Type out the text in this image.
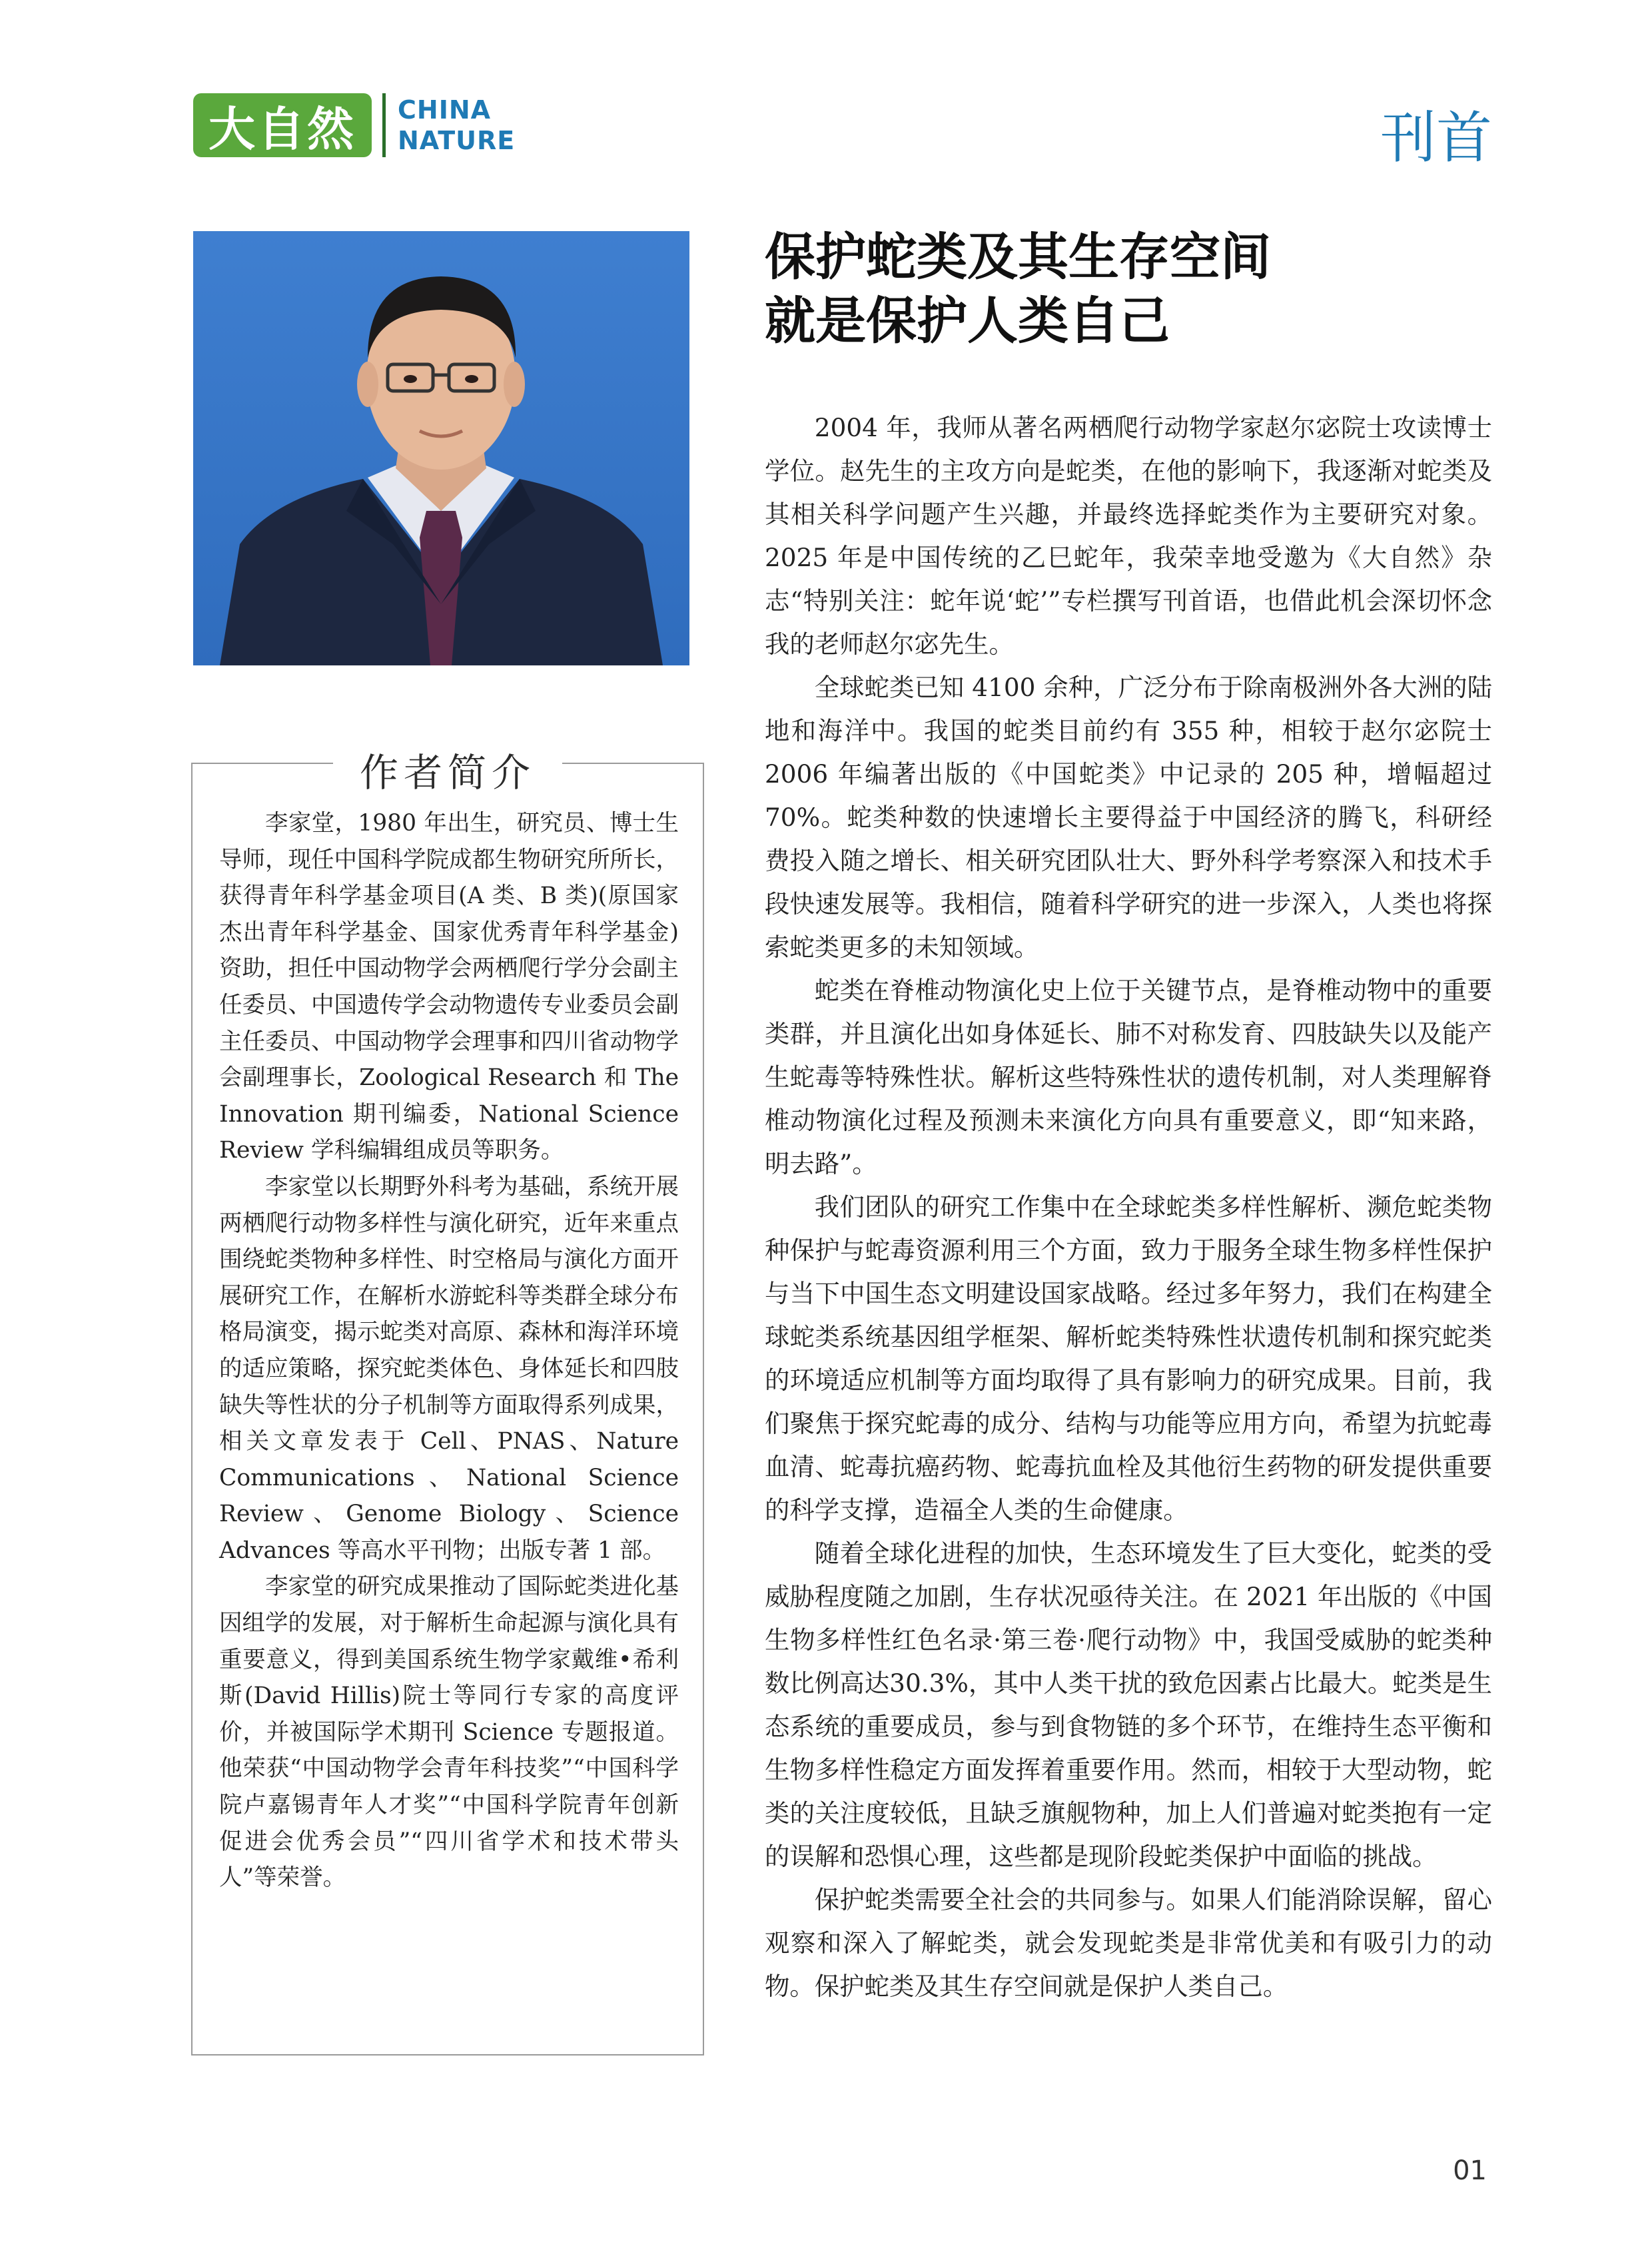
大自然	CHINA
NATURE	刊首
作者简介

李家堂，1980 年出生，研究员、博士生导师，现任中国科学院成都生物研究所所长，获得青年科学基金项目(A 类、B 类)(原国家杰出青年科学基金、国家优秀青年科学基金)资助，担任中国动物学会两栖爬行学分会副主任委员、中国遗传学会动物遗传专业委员会副主任委员、中国动物学会理事和四川省动物学会副理事长，Zoological Research 和 The Innovation 期刊编委，National Science Review 学科编辑组成员等职务。

李家堂以长期野外科考为基础，系统开展两栖爬行动物多样性与演化研究，近年来重点围绕蛇类物种多样性、时空格局与演化方面开展研究工作，在解析水游蛇科等类群全球分布格局演变，揭示蛇类对高原、森林和海洋环境的适应策略，探究蛇类体色、身体延长和四肢缺失等性状的分子机制等方面取得系列成果，相关文章发表于 Cell、PNAS、Nature Communications、National Science Review、Genome Biology、Science Advances 等高水平刊物；出版专著 1 部。

李家堂的研究成果推动了国际蛇类进化基因组学的发展，对于解析生命起源与演化具有重要意义，得到美国系统生物学家戴维•希利斯(David Hillis)院士等同行专家的高度评价，并被国际学术期刊 Science 专题报道。他荣获“中国动物学会青年科技奖”“中国科学院卢嘉锡青年人才奖”“中国科学院青年创新促进会优秀会员”“四川省学术和技术带头人”等荣誉。

保护蛇类及其生存空间
就是保护人类自己

2004 年，我师从著名两栖爬行动物学家赵尔宓院士攻读博士学位。赵先生的主攻方向是蛇类，在他的影响下，我逐渐对蛇类及其相关科学问题产生兴趣，并最终选择蛇类作为主要研究对象。2025 年是中国传统的乙巳蛇年，我荣幸地受邀为《大自然》杂志“特别关注：蛇年说‘蛇’”专栏撰写刊首语，也借此机会深切怀念我的老师赵尔宓先生。

全球蛇类已知 4100 余种，广泛分布于除南极洲外各大洲的陆地和海洋中。我国的蛇类目前约有 355 种，相较于赵尔宓院士 2006 年编著出版的《中国蛇类》中记录的 205 种，增幅超过 70%。蛇类种数的快速增长主要得益于中国经济的腾飞，科研经费投入随之增长、相关研究团队壮大、野外科学考察深入和技术手段快速发展等。我相信，随着科学研究的进一步深入，人类也将探索蛇类更多的未知领域。

蛇类在脊椎动物演化史上位于关键节点，是脊椎动物中的重要类群，并且演化出如身体延长、肺不对称发育、四肢缺失以及能产生蛇毒等特殊性状。解析这些特殊性状的遗传机制，对人类理解脊椎动物演化过程及预测未来演化方向具有重要意义，即“知来路，明去路”。

我们团队的研究工作集中在全球蛇类多样性解析、濒危蛇类物种保护与蛇毒资源利用三个方面，致力于服务全球生物多样性保护与当下中国生态文明建设国家战略。经过多年努力，我们在构建全球蛇类系统基因组学框架、解析蛇类特殊性状遗传机制和探究蛇类的环境适应机制等方面均取得了具有影响力的研究成果。目前，我们聚焦于探究蛇毒的成分、结构与功能等应用方向，希望为抗蛇毒血清、蛇毒抗癌药物、蛇毒抗血栓及其他衍生药物的研发提供重要的科学支撑，造福全人类的生命健康。

随着全球化进程的加快，生态环境发生了巨大变化，蛇类的受威胁程度随之加剧，生存状况亟待关注。在 2021 年出版的《中国生物多样性红色名录·第三卷·爬行动物》中，我国受威胁的蛇类种数比例高达30.3%，其中人类干扰的致危因素占比最大。蛇类是生态系统的重要成员，参与到食物链的多个环节，在维持生态平衡和生物多样性稳定方面发挥着重要作用。然而，相较于大型动物，蛇类的关注度较低，且缺乏旗舰物种，加上人们普遍对蛇类抱有一定的误解和恐惧心理，这些都是现阶段蛇类保护中面临的挑战。

保护蛇类需要全社会的共同参与。如果人们能消除误解，留心观察和深入了解蛇类，就会发现蛇类是非常优美和有吸引力的动物。保护蛇类及其生存空间就是保护人类自己。

01
